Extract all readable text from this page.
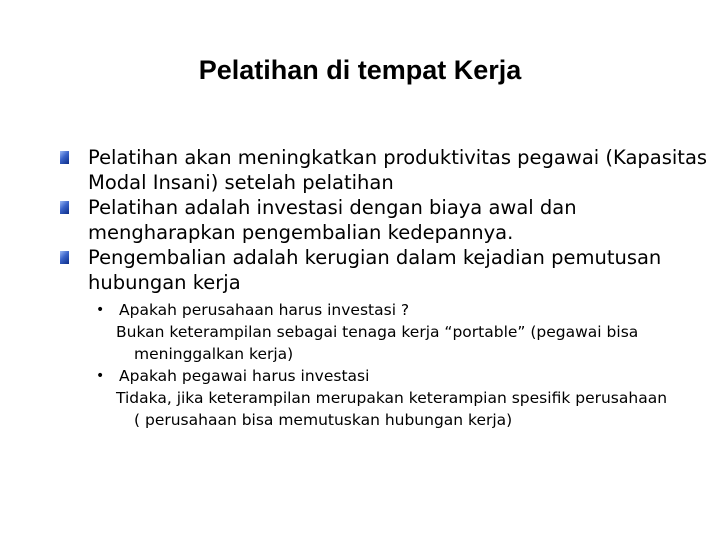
Pelatihan di tempat Kerja
Pelatihan akan meningkatkan produktivitas pegawai (Kapasitas Modal Insani) setelah pelatihan
Pelatihan adalah investasi dengan biaya awal dan mengharapkan pengembalian kedepannya.
Pengembalian adalah kerugian dalam kejadian pemutusan hubungan kerja
• Apakah perusahaan harus investasi ?
Bukan keterampilan sebagai tenaga kerja “portable” (pegawai bisa meninggalkan kerja)
• Apakah pegawai harus investasi
Tidaka, jika keterampilan merupakan keterampian spesifik perusahaan ( perusahaan bisa memutuskan hubungan kerja)
